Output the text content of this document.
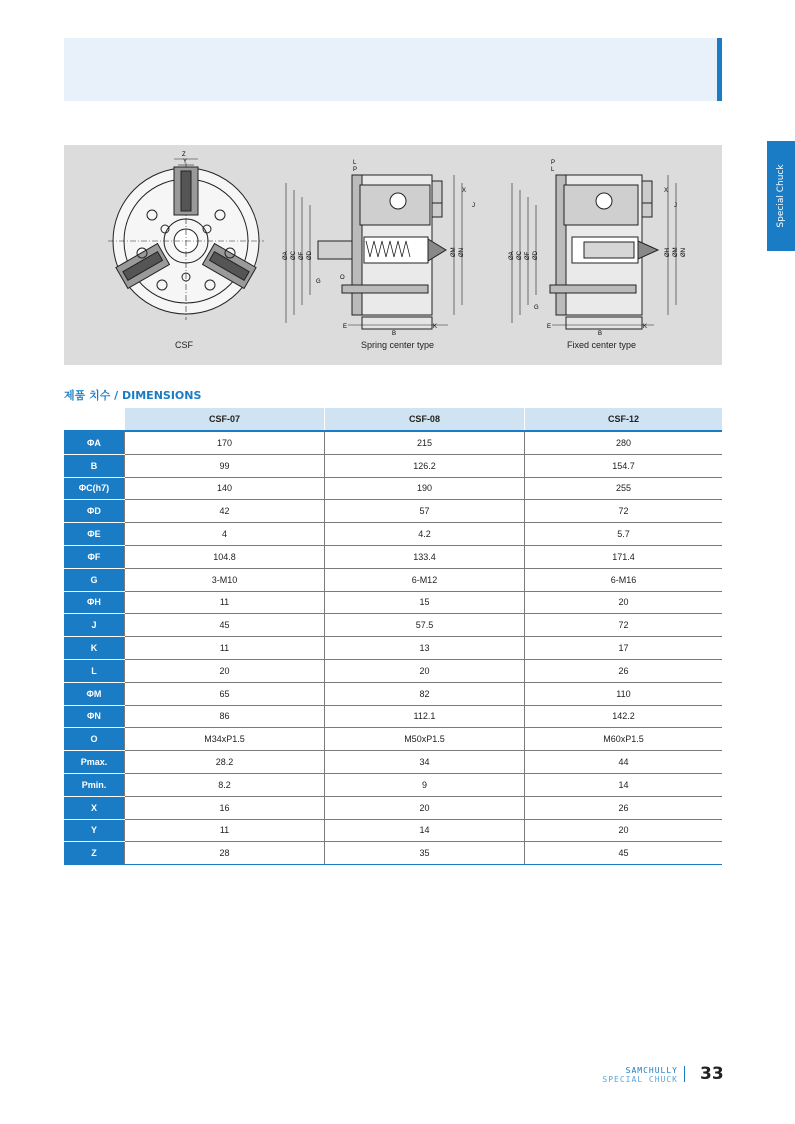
Special Chuck
Z
Y
ØA ØC ØF ØD	ØM ØN
L
P
X
J
G
O
E
B
K
ØA ØC ØF ØD	ØH ØM ØN
P
L
X
J
G
E
B
K
CSF	Spring center type	Fixed center type
제품 치수 / DIMENSIONS
	CSF-07	CSF-08	CSF-12
ΦA	170	215	280
B	99	126.2	154.7
ΦC(h7)	140	190	255
ΦD	42	57	72
ΦE	4	4.2	5.7
ΦF	104.8	133.4	171.4
G	3-M10	6-M12	6-M16
ΦH	11	15	20
J	45	57.5	72
K	11	13	17
L	20	20	26
ΦM	65	82	110
ΦN	86	112.1	142.2
O	M34xP1.5	M50xP1.5	M60xP1.5
Pmax.	28.2	34	44
Pmin.	8.2	9	14
X	16	20	26
Y	11	14	20
Z	28	35	45
SAMCHULLY
SPECIAL CHUCK 33
